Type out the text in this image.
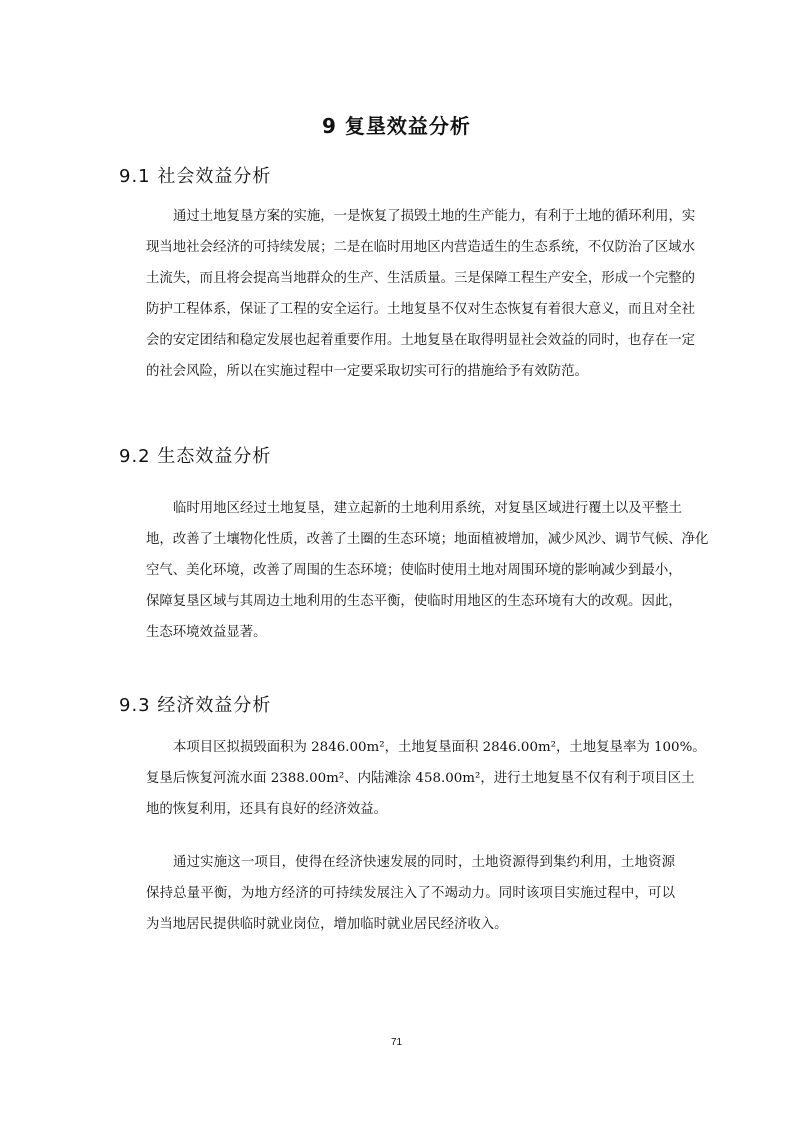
9 复垦效益分析
9.1 社会效益分析
通过土地复垦方案的实施，一是恢复了损毁土地的生产能力，有利于土地的循环利用，实
现当地社会经济的可持续发展；二是在临时用地区内营造适生的生态系统，不仅防治了区域水
土流失，而且将会提高当地群众的生产、生活质量。三是保障工程生产安全，形成一个完整的
防护工程体系，保证了工程的安全运行。土地复垦不仅对生态恢复有着很大意义，而且对全社
会的安定团结和稳定发展也起着重要作用。土地复垦在取得明显社会效益的同时，也存在一定
的社会风险，所以在实施过程中一定要采取切实可行的措施给予有效防范。
9.2 生态效益分析
临时用地区经过土地复垦，建立起新的土地利用系统，对复垦区域进行覆土以及平整土
地，改善了土壤物化性质，改善了土圈的生态环境；地面植被增加，减少风沙、调节气候、净化
空气、美化环境，改善了周围的生态环境；使临时使用土地对周围环境的影响减少到最小，
保障复垦区域与其周边土地利用的生态平衡，使临时用地区的生态环境有大的改观。因此，
生态环境效益显著。
9.3 经济效益分析
本项目区拟损毁面积为 2846.00m²，土地复垦面积 2846.00m²，土地复垦率为 100%。
复垦后恢复河流水面 2388.00m²、内陆滩涂 458.00m²，进行土地复垦不仅有利于项目区土
地的恢复利用，还具有良好的经济效益。
通过实施这一项目，使得在经济快速发展的同时，土地资源得到集约利用，土地资源
保持总量平衡，为地方经济的可持续发展注入了不竭动力。同时该项目实施过程中，可以
为当地居民提供临时就业岗位，增加临时就业居民经济收入。

71
